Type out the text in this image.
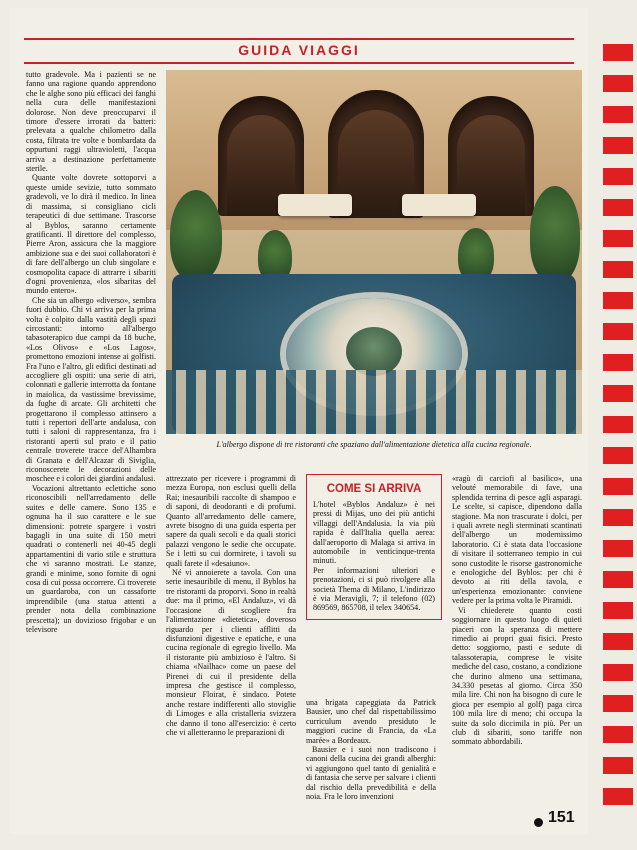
GUIDA VIAGGI

tutto gradevole. Ma i pazienti se ne fanno una ragione quando apprendono che le alghe sono più efficaci dei fanghi nella cura delle manifestazioni dolorose. Non deve preoccuparvi il timore d'essere irrorati da batteri: prelevata a qualche chilometro dalla costa, filtrata tre volte e bombardata da oppurtuni raggi ultravioletti, l'acqua arriva a destinazione perfettamente sterile.

Quante volte dovrete sottoporvi a queste umide sevizie, tutto sommato gradevoli, ve lo dirà il medico. In linea di massima, si consigliano cicli terapeutici di due settimane. Trascorse al Byblos, saranno certamente gratificanti. Il direttore del complesso, Pierre Aron, assicura che la maggiore ambizione sua e dei suoi collaboratori è di fare dell'albergo un club singolare e cosmopolita capace di attrarre i sibariti d'ogni provenienza, «los sibaritas del mundo entero».

Che sia un albergo «diverso», sembra fuori dubbio. Chi vi arriva per la prima volta è colpito dalla vastità degli spazi circostanti: intorno all'albergo tabasoterapico due campi da 18 buche, «Los Olivos» e «Los Lagos», promettono emozioni intense ai golfisti. Fra l'uno e l'altro, gli edifici destinati ad accogliere gli ospiti: una serie di atri, colonnati e gallerie interrotta da fontane in maiolica, da vastissime brevissime, da fughe di arcate. Gli architetti che progettarono il complesso attinsero a tutti i repertori dell'arte andalusa, con tutti i saloni di rappresentanza, fra i ristoranti aperti sul prato e il patio centrale troverete tracce del'Alhambra di Granata e dell'Alcazar di Siviglia, riconoscerete le decorazioni delle moschee e i colori dei giardini andalusi.

Vocazioni altrettanto eclettiche sono riconoscibili nell'arredamento delle suites e delle camere. Sono 135 e ognuna ha il suo carattere e le sue dimensioni: potrete spargere i vostri bagagli in una suite di 150 metri quadrati o contenerli nei 40-45 degli appartamentini di vario stile e struttura che vi saranno mostrati. Le stanze, grandi e minime, sono fornite di ogni cosa di cui possa occorrere. Ci troverete un guardaroba, con un cassaforte imprendibile (una statua attenti a prender nota della combinazione prescetta); un dovizioso frigobar e un televisore

L'albergo dispone di tre ristoranti che spaziano dall'alimentazione dietetica alla cucina regionale.

attrezzato per ricevere i programmi di mezza Europa, non esclusi quelli della Rai; inesauribili raccolte di shampoo e di saponi, di deodoranti e di profumi. Quanto all'arredamento delle camere, avrete bisogno di una guida esperta per sapere da quali secoli e da quali storici palazzi vengono le sedie che occupate. Se i letti su cui dormirete, i tavoli su quali farete il «desaiuno».

Né vi annoierete a tavola. Con una serie inesauribile di menu, il Byblos ha tre ristoranti da proporvi. Sono in realtà due: ma il primo, «El Andaluz», vi dà l'occasione di scogliere fra l'alimentazione «dietetica», doveroso riguardo per i clienti afflitti da disfunzioni digestive e epatiche, e una cucina regionale di egregio livello. Ma il ristorante più ambizioso è l'altro. Si chiama «Nailhac» come un paese del Pirenei di cui il presidente della impresa che gestisce il complesso, monsieur Floirat, è sindaco. Potete anche restare indifferenti allo stoviglie di Limoges e alla cristalleria svizzera che danno il tono all'esercizio: è certo che vi alletteranno le preparazioni di

COME SI ARRIVA

L'hotel «Byblos Andaluz» è nei pressi di Mijas, uno dei più antichi villaggi dell'Andalusia. la via più rapida è dall'Italia quella aerea: dall'aeroporto di Malaga si arriva in automobile in venticinque-trenta minuti.

Per informazioni ulteriori e prenotazioni, ci si può rivolgere alla società Thema di Milano, L'indirizzo è via Meravigli, 7; il telefono (02) 869569, 865708, il telex 340654.

una brigata capeggiata da Patrick Bausier, uno chef dal rispettabilissimo curriculum avendo presiduto le maggiori cucine di Francia, da «La marée» a Bordeaux.

Bausier e i suoi non tradiscono i canoni della cucina dei grandi alberghi: vi aggiungono quel tanto di genialità e di fantasia che serve per salvare i clienti dal rischio della prevedibilità e della noia. Fra le loro invenzioni

«ragù di carciofi al basilico», una velouté memorabile di fave, una splendida terrina di pesce agli asparagi. Le scelte, si capisce, dipendono dalla stagione. Ma non trascurate i dolci, per i quali avrete negli sterminati scantinati dell'albergo un modernissimo laboratorio. Ci è stata data l'occasione di visitare il sotterraneo tempio in cui sono custodite le risorse gastronomiche e enologiche del Byblos: per chi è devoto ai riti della tavola, e un'esperienza emozionante: conviene vedere per la prima volta le Piramidi.

Vi chiederete quanto costi soggiornare in questo luogo di quieti piaceri con la speranza di mettere rimedio ai propri guai fisici. Presto detto: soggiorno, pasti e sedute di talassoterapia, comprese le visite mediche del caso, costano, a condizione che durino almeno una settimana, 34.330 pesetas al giorno. Circa 350 mila lire. Chi non ha bisogno di cure le gioca per esempio al golf) paga circa 100 mila lire di meno; chi occupa la suite da solo diccimila in più. Per un club di sibariti, sono tariffe non sommato abbordabili.

151
